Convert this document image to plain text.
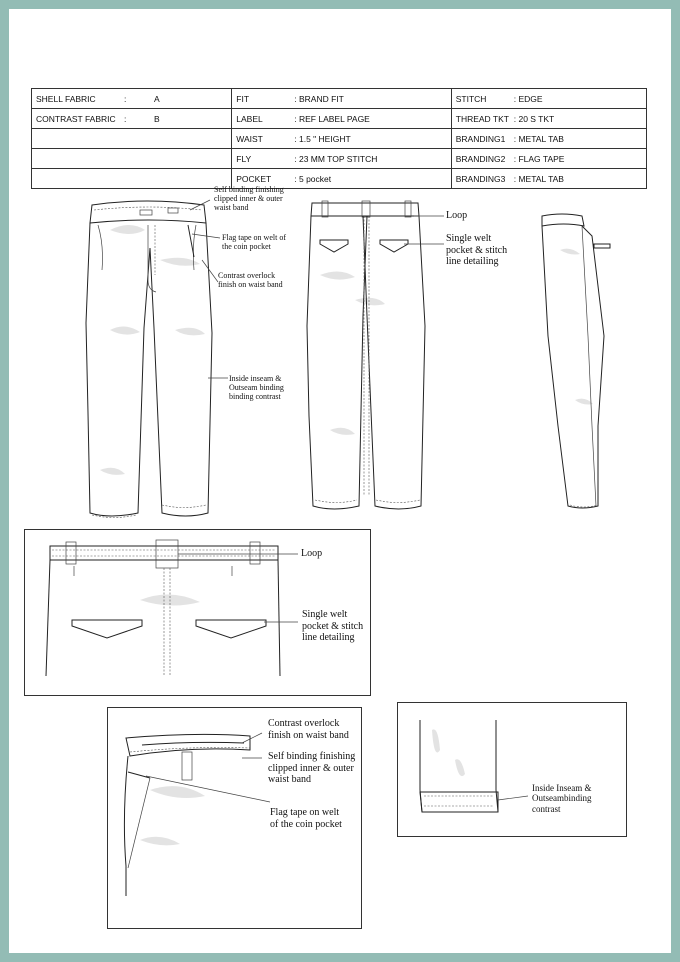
SHELL FABRIC : A	FIT : BRAND FIT	STITCH : EDGE
CONTRAST FABRIC : B	LABEL : REF LABEL PAGE	THREAD TKT : 20 S TKT
	WAIST : 1.5 " HEIGHT	BRANDING1 : METAL TAB
	FLY : 23 MM TOP STITCH	BRANDING2 : FLAG TAPE
	POCKET : 5 pocket	BRANDING3 : METAL TAB
Self binding finishing clipped inner & outer waist band
Flag tape on welt of the coin pocket
Contrast overlock finish on waist band
Inside inseam & Outseam binding binding contrast
Loop
Single welt pocket & stitch line detailing
Loop
Single welt pocket & stitch line detailing
Contrast overlock finish on waist band
Self binding finishing clipped inner & outer waist band
Flag tape on welt of the coin pocket
Inside Inseam & Outseambinding contrast
